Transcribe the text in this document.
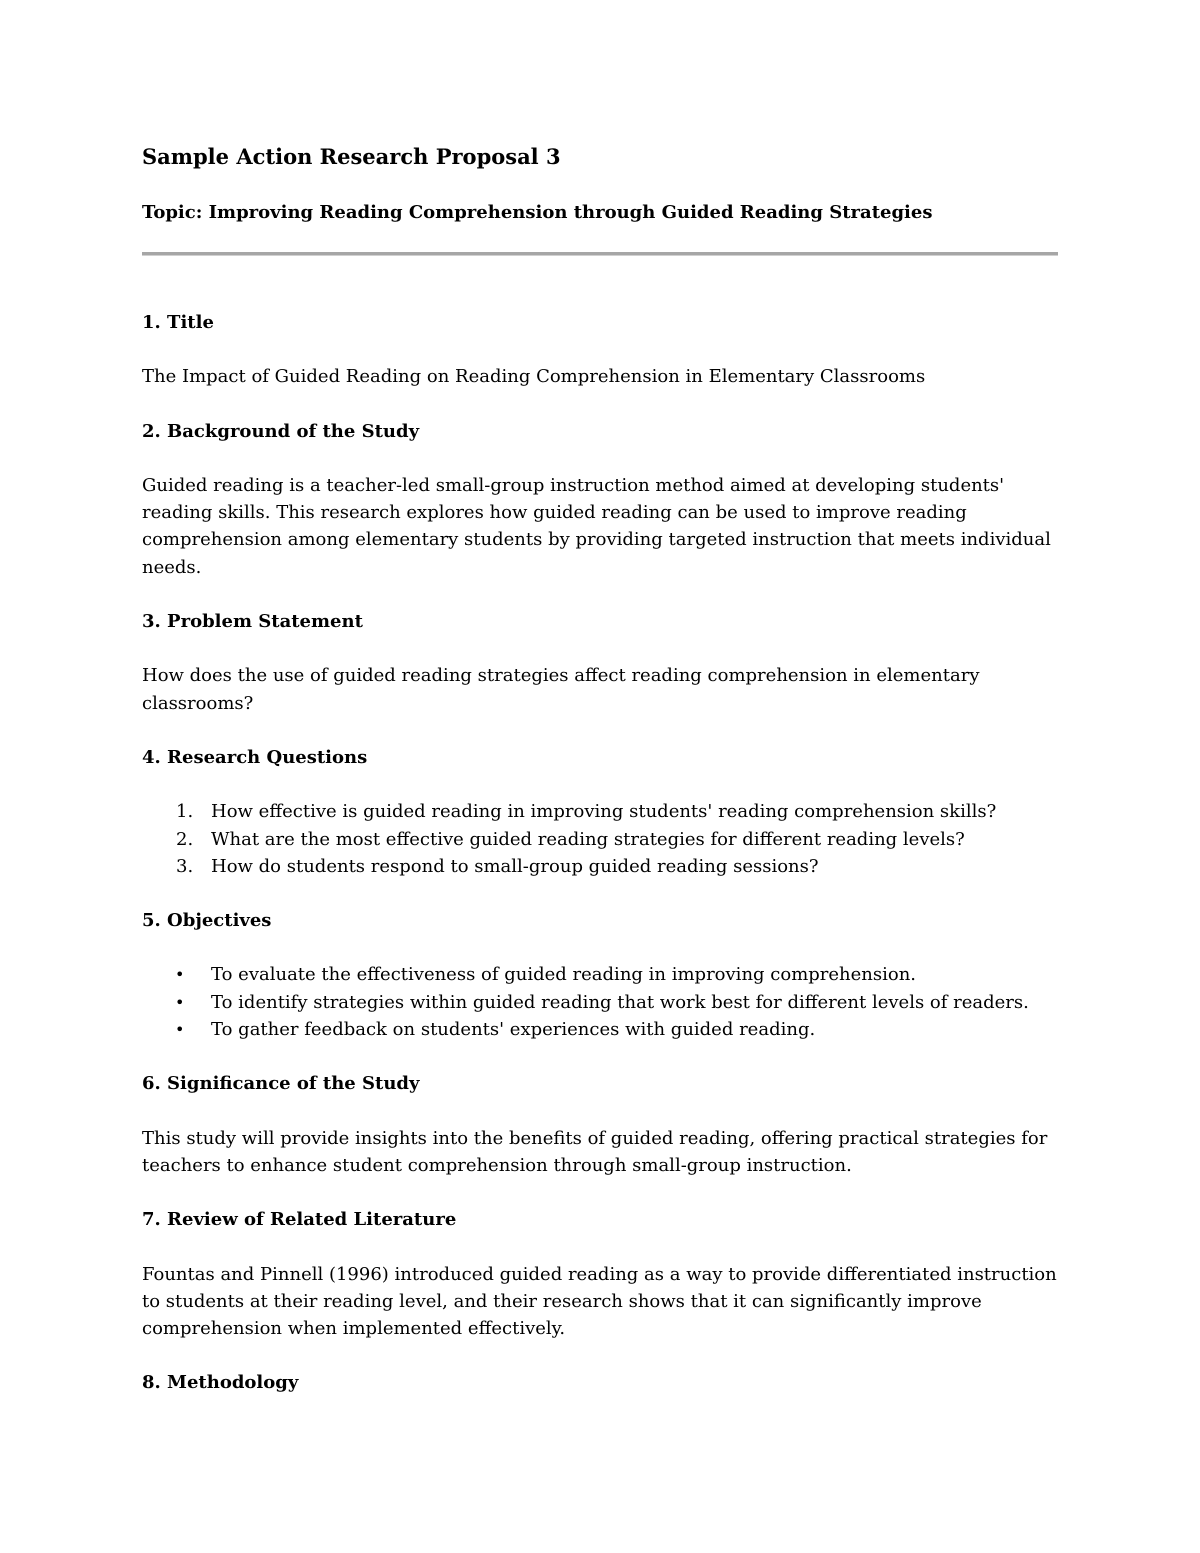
Sample Action Research Proposal 3
Topic: Improving Reading Comprehension through Guided Reading Strategies

1. Title

The Impact of Guided Reading on Reading Comprehension in Elementary Classrooms

2. Background of the Study

Guided reading is a teacher-led small-group instruction method aimed at developing students' reading skills. This research explores how guided reading can be used to improve reading comprehension among elementary students by providing targeted instruction that meets individual needs.

3. Problem Statement

How does the use of guided reading strategies affect reading comprehension in elementary classrooms?

4. Research Questions

1. How effective is guided reading in improving students' reading comprehension skills?
2. What are the most effective guided reading strategies for different reading levels?
3. How do students respond to small-group guided reading sessions?

5. Objectives

• To evaluate the effectiveness of guided reading in improving comprehension.
• To identify strategies within guided reading that work best for different levels of readers.
• To gather feedback on students' experiences with guided reading.

6. Significance of the Study

This study will provide insights into the benefits of guided reading, offering practical strategies for teachers to enhance student comprehension through small-group instruction.

7. Review of Related Literature

Fountas and Pinnell (1996) introduced guided reading as a way to provide differentiated instruction to students at their reading level, and their research shows that it can significantly improve comprehension when implemented effectively.

8. Methodology
